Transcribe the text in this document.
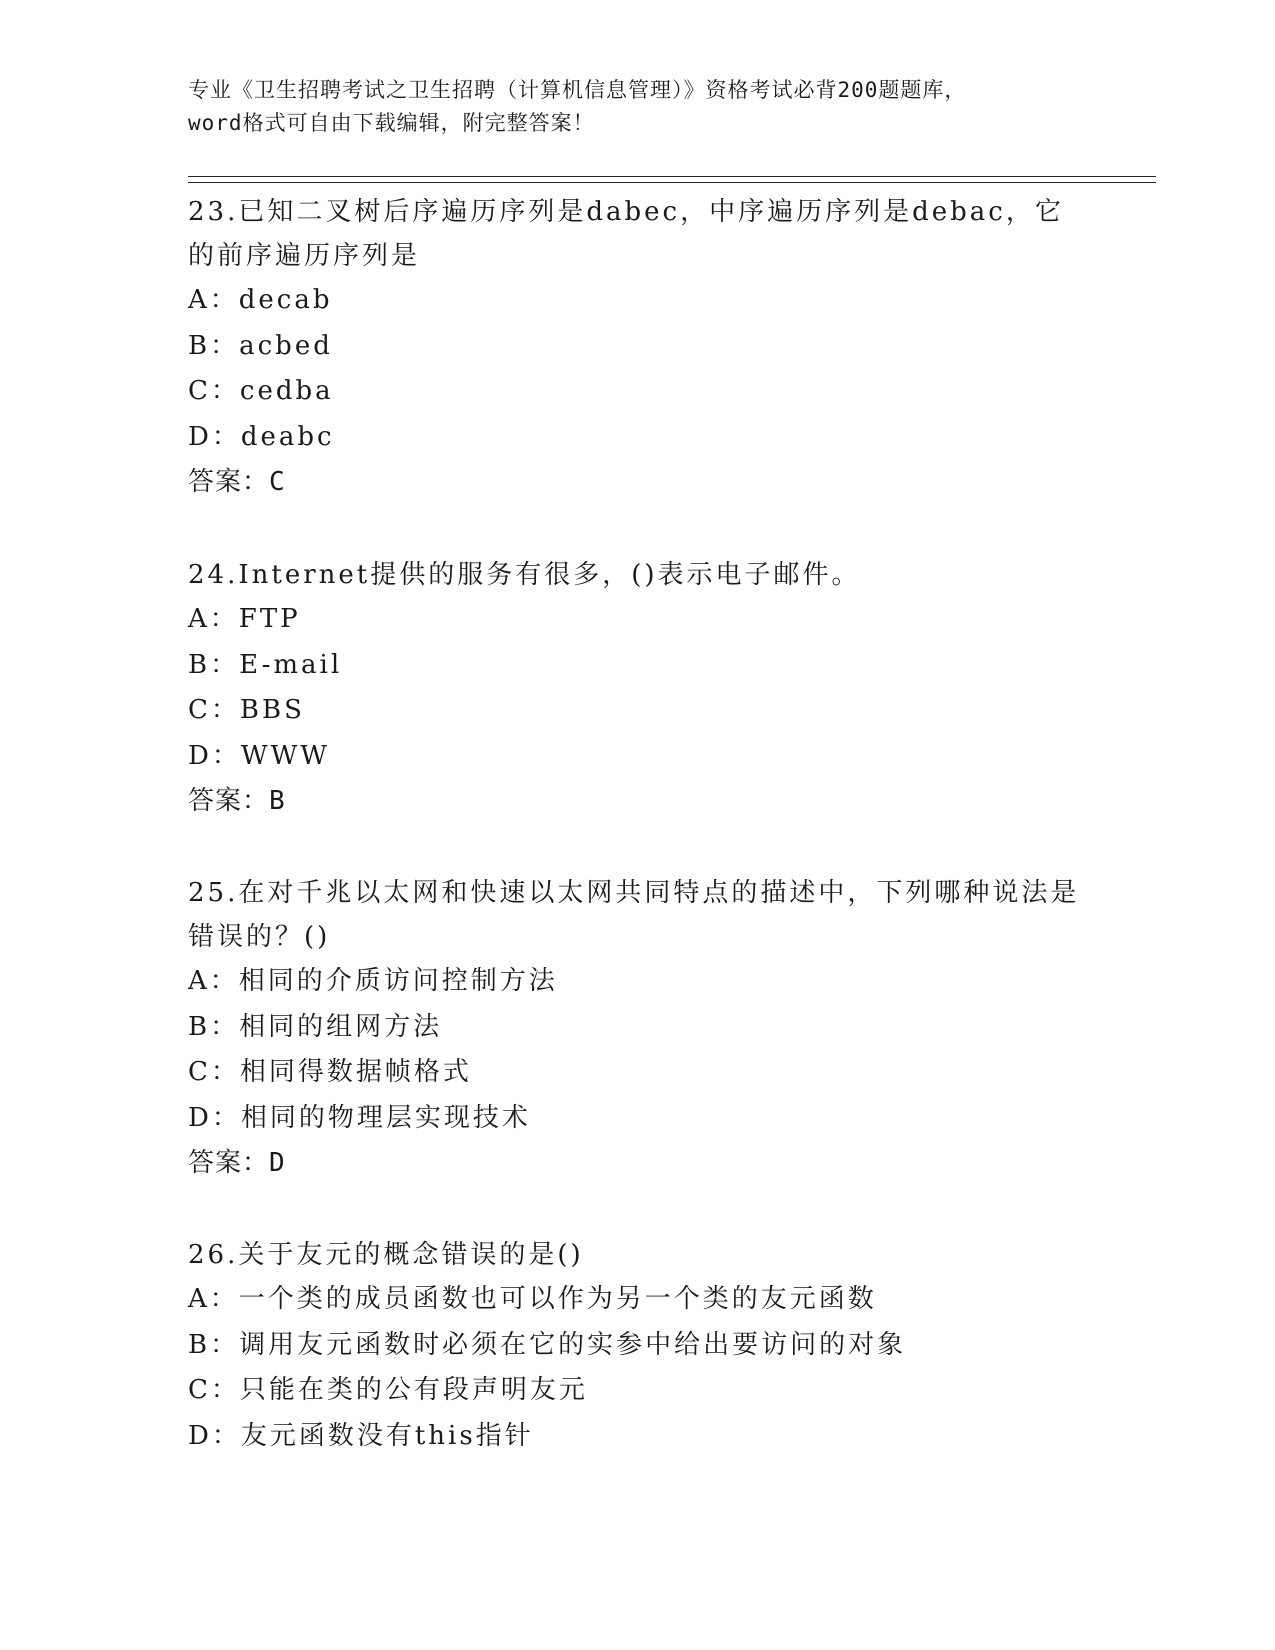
专业《卫生招聘考试之卫生招聘（计算机信息管理）》资格考试必背200题题库，
word格式可自由下载编辑，附完整答案！

23.已知二叉树后序遍历序列是dabec，中序遍历序列是debac，它的前序遍历序列是

A：decab

B：acbed

C：cedba

D：deabc

答案：C

24.Internet提供的服务有很多，()表示电子邮件。

A：FTP

B：E-mail

C：BBS

D：WWW

答案：B

25.在对千兆以太网和快速以太网共同特点的描述中，下列哪种说法是错误的？()

A：相同的介质访问控制方法

B：相同的组网方法

C：相同得数据帧格式

D：相同的物理层实现技术

答案：D

26.关于友元的概念错误的是()

A：一个类的成员函数也可以作为另一个类的友元函数

B：调用友元函数时必须在它的实参中给出要访问的对象

C：只能在类的公有段声明友元

D：友元函数没有this指针
